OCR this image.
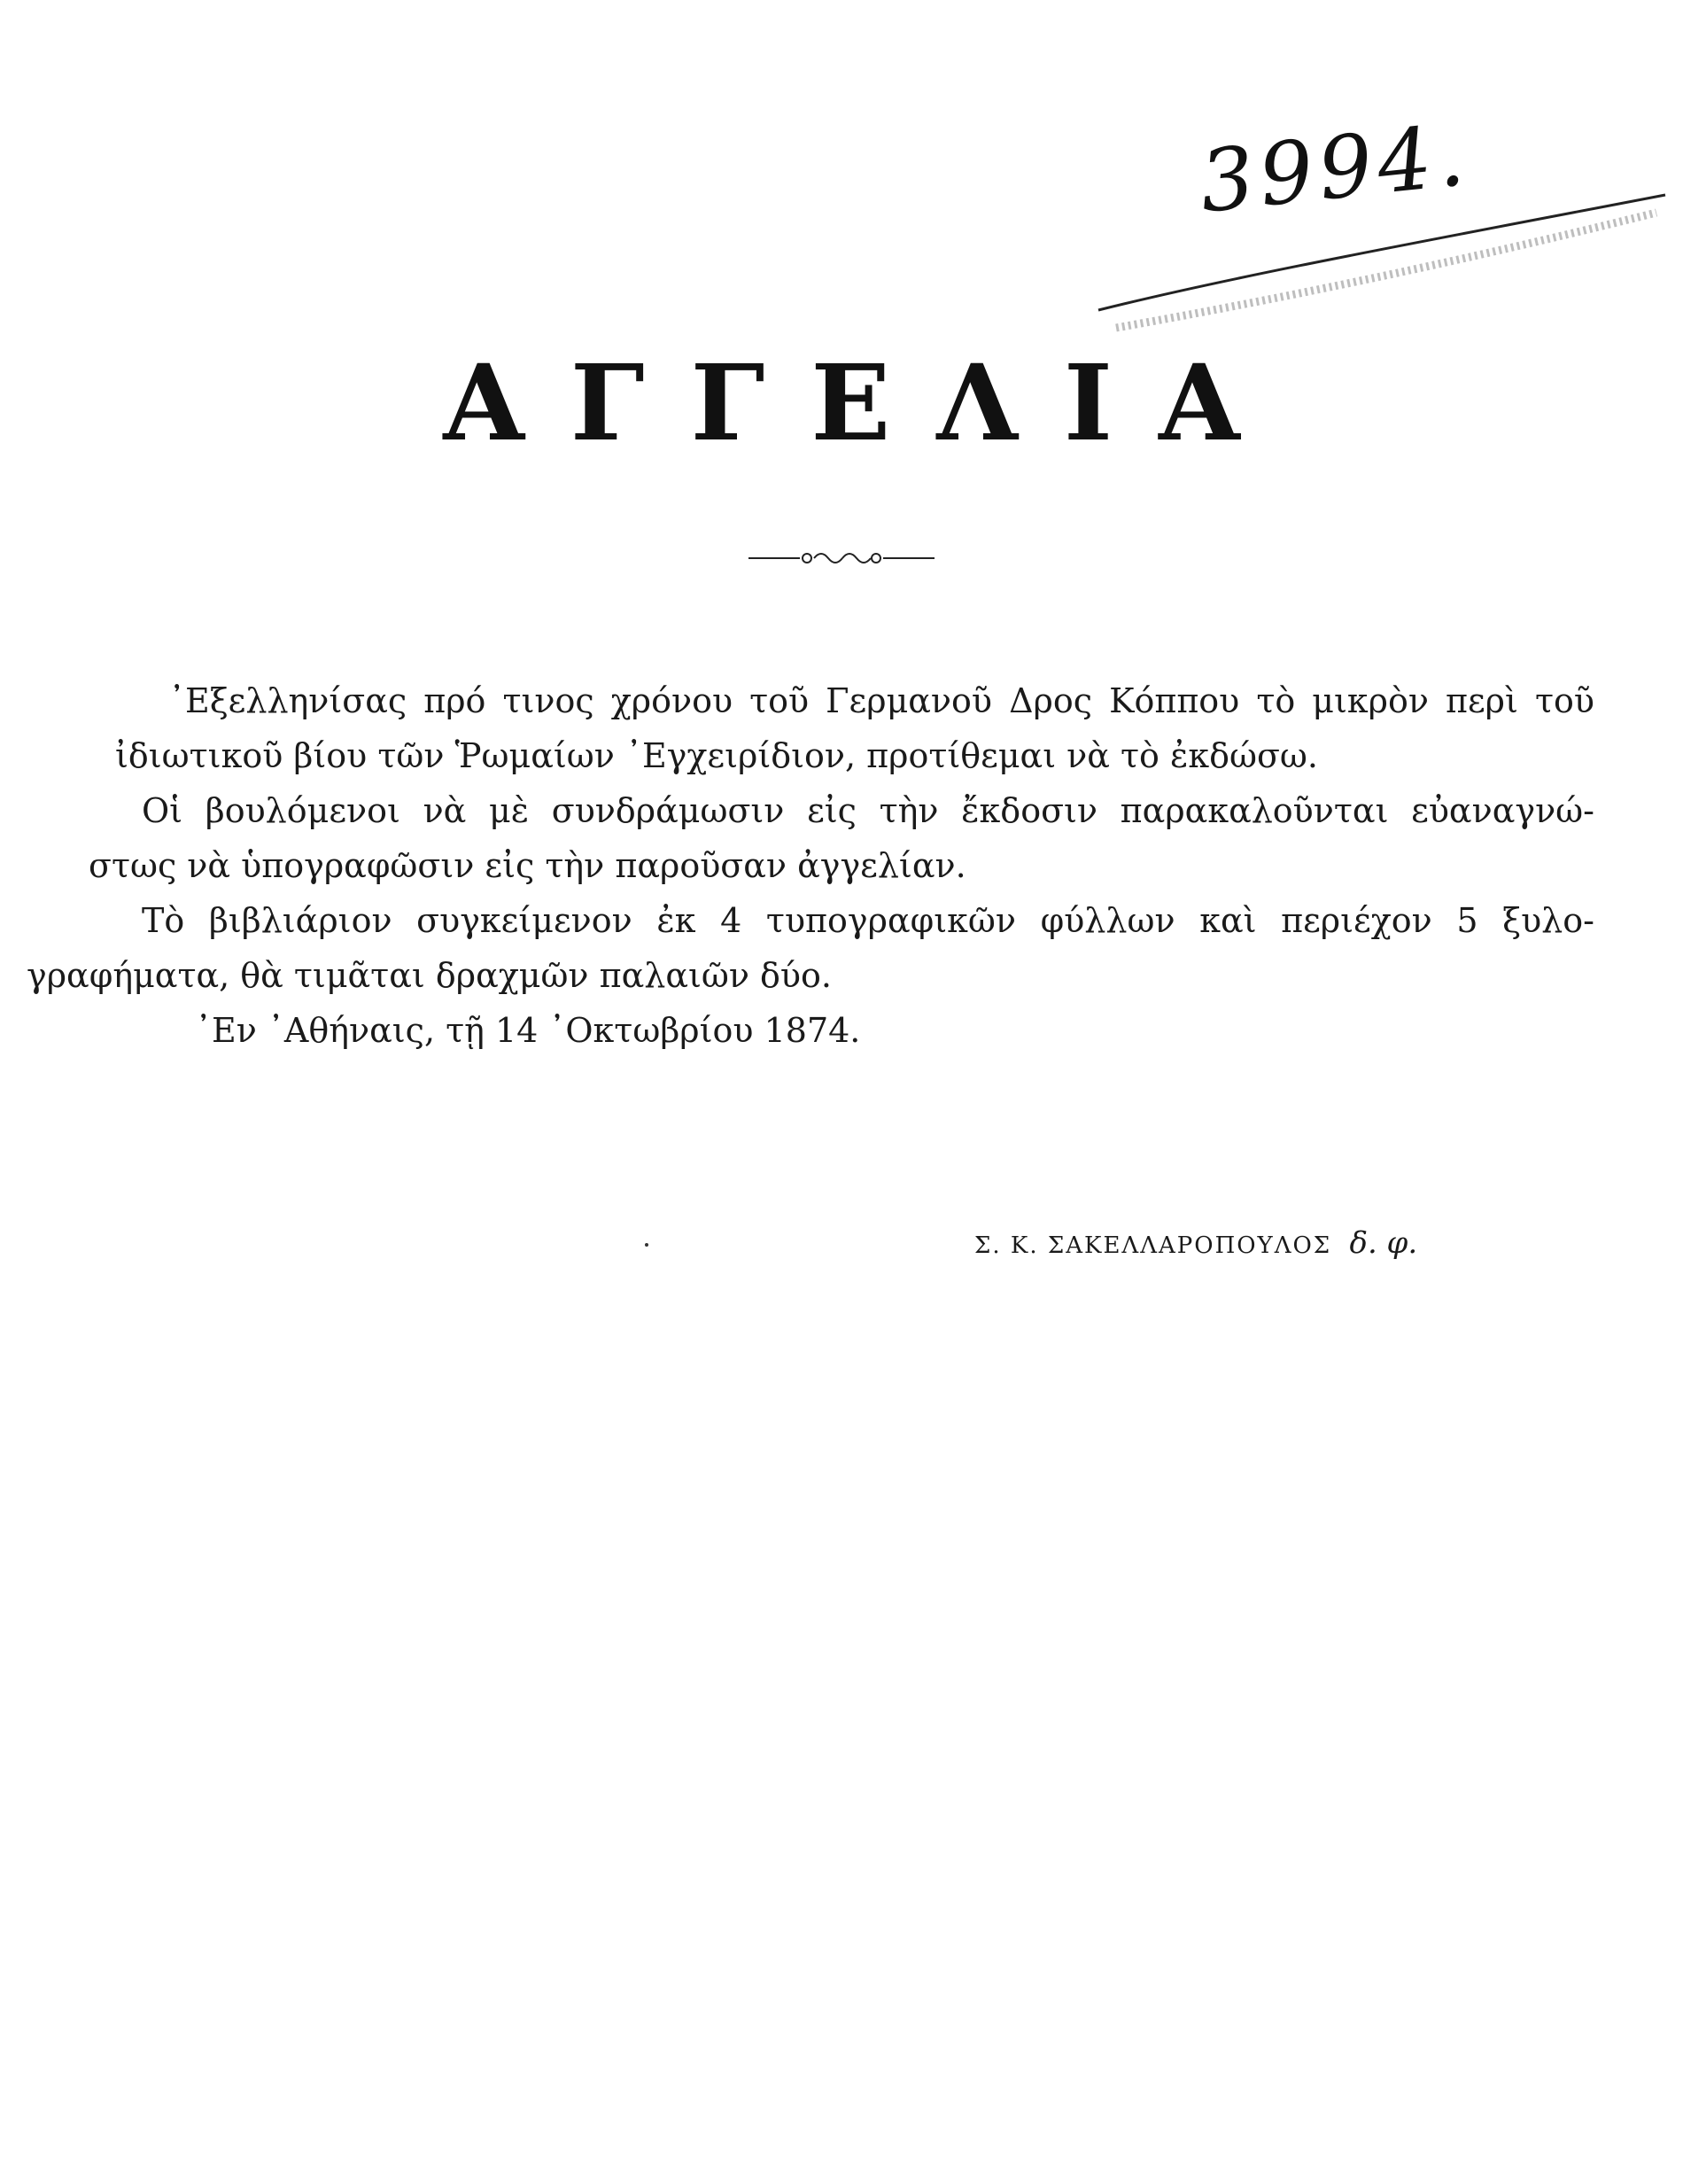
3994.
ΑΓΓΕΛΙΑ
᾿Εξελληνίσας πρό τινος χρόνου τοῦ Γερμανοῦ Δρος Κόππου τὸ μικρὸν περὶ τοῦ
ἰδιωτικοῦ βίου τῶν Ῥωμαίων ᾿Εγχειρίδιον, προτίθεμαι νὰ τὸ ἐκδώσω.
Οἱ βουλόμενοι νὰ μὲ συνδράμωσιν εἰς τὴν ἔκδοσιν παρακαλοῦνται εὐαναγνώ-
στως νὰ ὑπογραφῶσιν εἰς τὴν παροῦσαν ἀγγελίαν.
Τὸ βιβλιάριον συγκείμενον ἐκ 4 τυπογραφικῶν φύλλων καὶ περιέχον 5 ξυλο-
γραφήματα, θὰ τιμᾶται δραχμῶν παλαιῶν δύο.
᾿Εν ᾿Αθήναις, τῇ 14 ᾿Οκτωβρίου 1874.
Σ. Κ. ΣΑΚΕΛΛΑΡΟΠΟΥΛΟΣ δ. φ.
